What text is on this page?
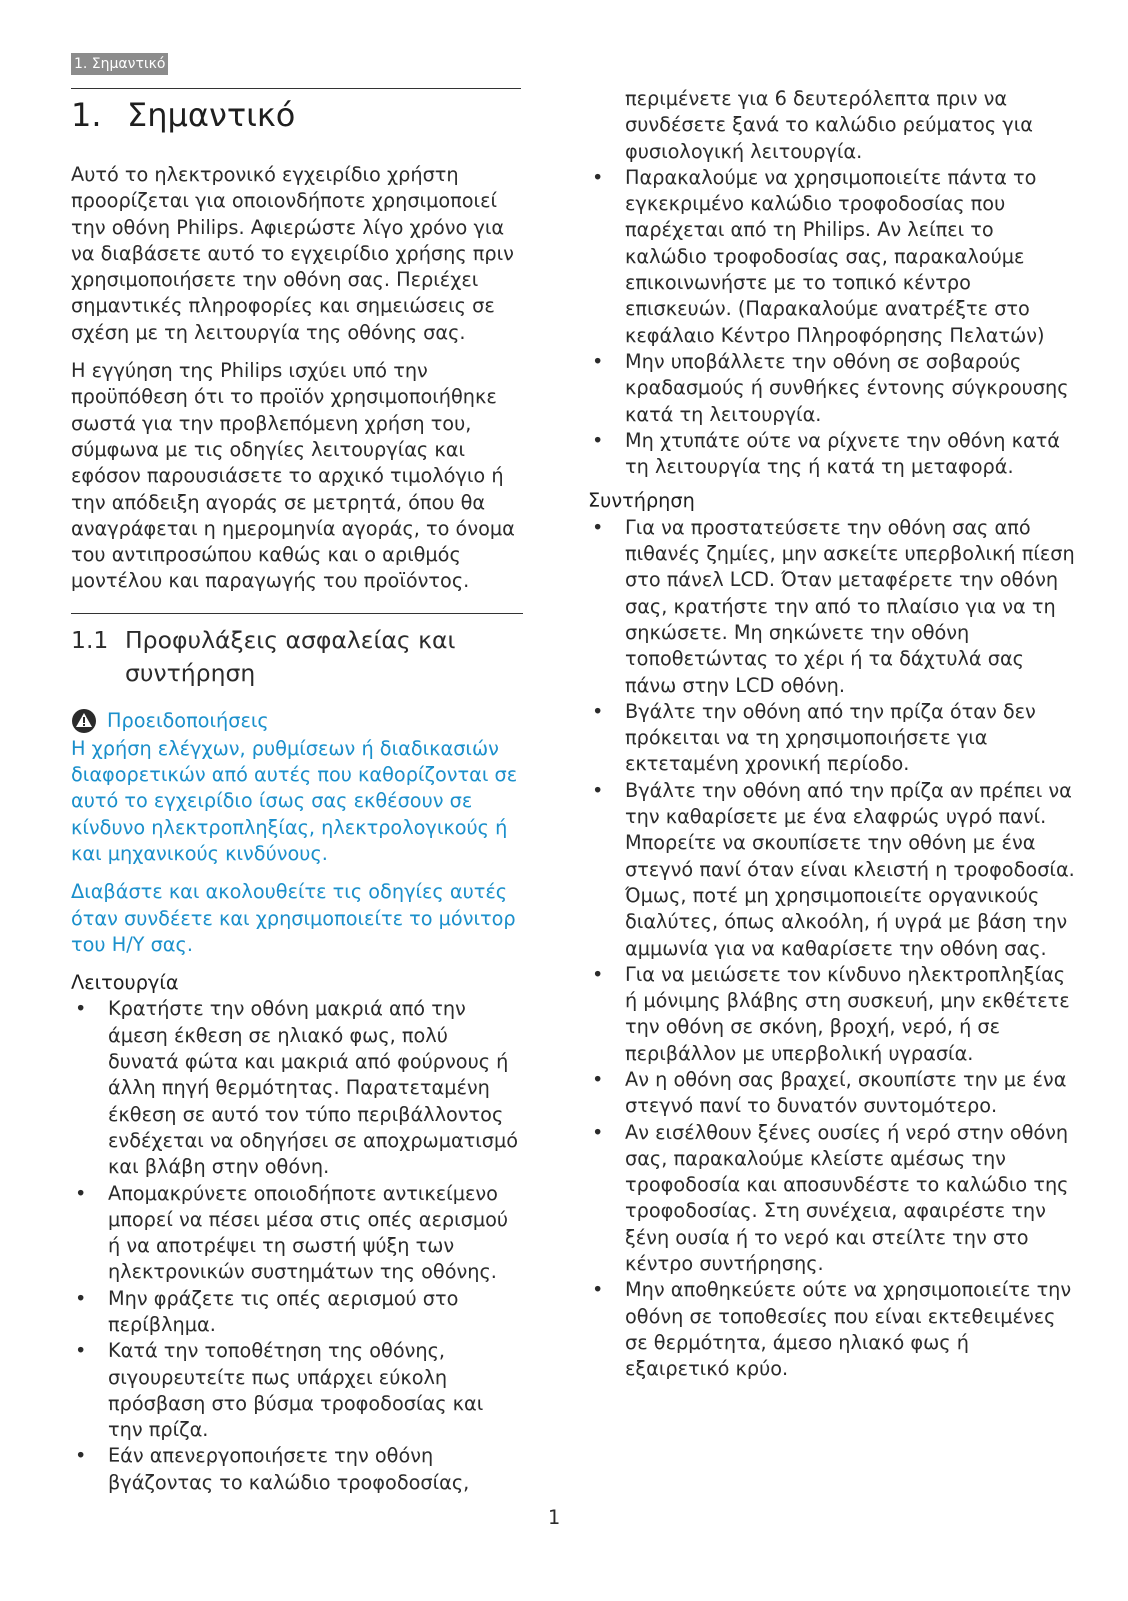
1. Σημαντικό
1. Σημαντικό

Αυτό το ηλεκτρονικό εγχειρίδιο χρήστη προορίζεται για οποιονδήποτε χρησιμοποιεί την οθόνη Philips. Αφιερώστε λίγο χρόνο για να διαβάσετε αυτό το εγχειρίδιο χρήσης πριν χρησιμοποιήσετε την οθόνη σας. Περιέχει σημαντικές πληροφορίες και σημειώσεις σε σχέση με τη λειτουργία της οθόνης σας.

Η εγγύηση της Philips ισχύει υπό την προϋπόθεση ότι το προϊόν χρησιμοποιήθηκε σωστά για την προβλεπόμενη χρήση του, σύμφωνα με τις οδηγίες λειτουργίας και εφόσον παρουσιάσετε το αρχικό τιμολόγιο ή την απόδειξη αγοράς σε μετρητά, όπου θα αναγράφεται η ημερομηνία αγοράς, το όνομα του αντιπροσώπου καθώς και ο αριθμός μοντέλου και παραγωγής του προϊόντος.

1.1 Προφυλάξεις ασφαλείας και συντήρηση
Προειδοποιήσεις

Η χρήση ελέγχων, ρυθμίσεων ή διαδικασιών διαφορετικών από αυτές που καθορίζονται σε αυτό το εγχειρίδιο ίσως σας εκθέσουν σε κίνδυνο ηλεκτροπληξίας, ηλεκτρολογικούς ή και μηχανικούς κινδύνους.

Διαβάστε και ακολουθείτε τις οδηγίες αυτές όταν συνδέετε και χρησιμοποιείτε το μόνιτορ του Η/Υ σας.

Λειτουργία

• Κρατήστε την οθόνη μακριά από την άμεση έκθεση σε ηλιακό φως, πολύ δυνατά φώτα και μακριά από φούρνους ή άλλη πηγή θερμότητας. Παρατεταμένη έκθεση σε αυτό τον τύπο περιβάλλοντος ενδέχεται να οδηγήσει σε αποχρωματισμό και βλάβη στην οθόνη.
• Απομακρύνετε οποιοδήποτε αντικείμενο μπορεί να πέσει μέσα στις οπές αερισμού ή να αποτρέψει τη σωστή ψύξη των ηλεκτρονικών συστημάτων της οθόνης.
• Μην φράζετε τις οπές αερισμού στο περίβλημα.
• Κατά την τοποθέτηση της οθόνης, σιγουρευτείτε πως υπάρχει εύκολη πρόσβαση στο βύσμα τροφοδοσίας και την πρίζα.
• Εάν απενεργοποιήσετε την οθόνη βγάζοντας το καλώδιο τροφοδοσίας,

περιμένετε για 6 δευτερόλεπτα πριν να συνδέσετε ξανά το καλώδιο ρεύματος για φυσιολογική λειτουργία.

• Παρακαλούμε να χρησιμοποιείτε πάντα το εγκεκριμένο καλώδιο τροφοδοσίας που παρέχεται από τη Philips. Αν λείπει το καλώδιο τροφοδοσίας σας, παρακαλούμε επικοινωνήστε με το τοπικό κέντρο επισκευών. (Παρακαλούμε ανατρέξτε στο κεφάλαιο Κέντρο Πληροφόρησης Πελατών)
• Μην υποβάλλετε την οθόνη σε σοβαρούς κραδασμούς ή συνθήκες έντονης σύγκρουσης κατά τη λειτουργία.
• Μη χτυπάτε ούτε να ρίχνετε την οθόνη κατά τη λειτουργία της ή κατά τη μεταφορά.

Συντήρηση

• Για να προστατεύσετε την οθόνη σας από πιθανές ζημίες, μην ασκείτε υπερβολική πίεση στο πάνελ LCD. Όταν μεταφέρετε την οθόνη σας, κρατήστε την από το πλαίσιο για να τη σηκώσετε. Μη σηκώνετε την οθόνη τοποθετώντας το χέρι ή τα δάχτυλά σας πάνω στην LCD οθόνη.
• Βγάλτε την οθόνη από την πρίζα όταν δεν πρόκειται να τη χρησιμοποιήσετε για εκτεταμένη χρονική περίοδο.
• Βγάλτε την οθόνη από την πρίζα αν πρέπει να την καθαρίσετε με ένα ελαφρώς υγρό πανί. Μπορείτε να σκουπίσετε την οθόνη με ένα στεγνό πανί όταν είναι κλειστή η τροφοδοσία. Όμως, ποτέ μη χρησιμοποιείτε οργανικούς διαλύτες, όπως αλκοόλη, ή υγρά με βάση την αμμωνία για να καθαρίσετε την οθόνη σας.
• Για να μειώσετε τον κίνδυνο ηλεκτροπληξίας ή μόνιμης βλάβης στη συσκευή, μην εκθέτετε την οθόνη σε σκόνη, βροχή, νερό, ή σε περιβάλλον με υπερβολική υγρασία.
• Αν η οθόνη σας βραχεί, σκουπίστε την με ένα στεγνό πανί το δυνατόν συντομότερο.
• Αν εισέλθουν ξένες ουσίες ή νερό στην οθόνη σας, παρακαλούμε κλείστε αμέσως την τροφοδοσία και αποσυνδέστε το καλώδιο της τροφοδοσίας. Στη συνέχεια, αφαιρέστε την ξένη ουσία ή το νερό και στείλτε την στο κέντρο συντήρησης.
• Μην αποθηκεύετε ούτε να χρησιμοποιείτε την οθόνη σε τοποθεσίες που είναι εκτεθειμένες σε θερμότητα, άμεσο ηλιακό φως ή εξαιρετικό κρύο.
1
